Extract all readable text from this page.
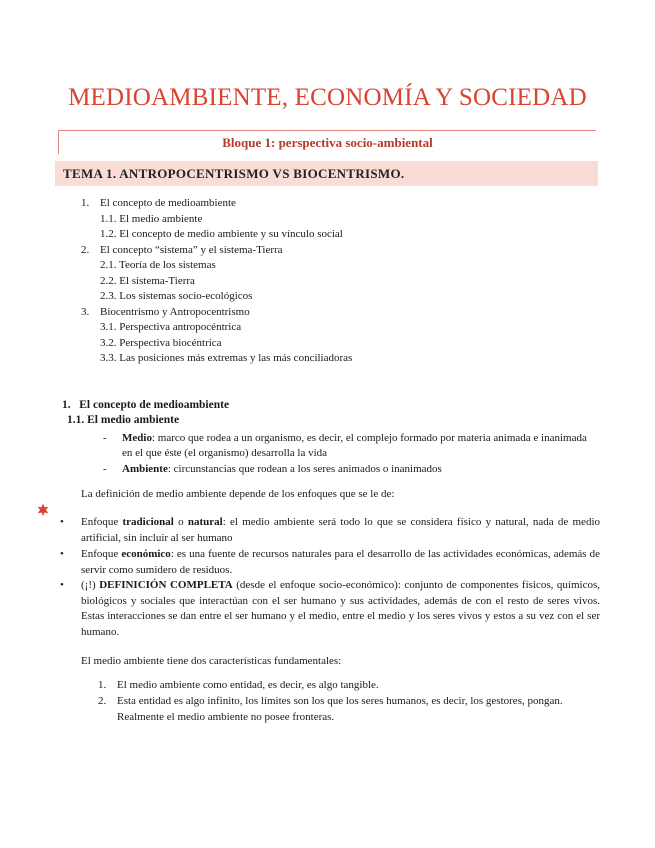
MEDIOAMBIENTE, ECONOMÍA Y SOCIEDAD
Bloque 1: perspectiva socio-ambiental
TEMA 1. ANTROPOCENTRISMO VS BIOCENTRISMO.
1. El concepto de medioambiente
1.1. El medio ambiente
1.2. El concepto de medio ambiente y su vínculo social
2. El concepto “sistema” y el sistema-Tierra
2.1. Teoría de los sistemas
2.2. El sistema-Tierra
2.3. Los sistemas socio-ecológicos
3. Biocentrismo y Antropocentrismo
3.1. Perspectiva antropocéntrica
3.2. Perspectiva biocéntrica
3.3. Las posiciones más extremas y las más conciliadoras
1.   El concepto de medioambiente
1.1. El medio ambiente
- Medio: marco que rodea a un organismo, es decir, el complejo formado por materia animada e inanimada en el que éste (el organismo) desarrolla la vida
- Ambiente: circunstancias que rodean a los seres animados o inanimados
La definición de medio ambiente depende de los enfoques que se le de:
• Enfoque tradicional o natural: el medio ambiente será todo lo que se considera físico y natural, nada de medio artificial, sin incluir al ser humano
• Enfoque económico: es una fuente de recursos naturales para el desarrollo de las actividades económicas, además de servir como sumidero de residuos.
• (¡!) DEFINICIÓN COMPLETA (desde el enfoque socio-económico): conjunto de componentes físicos, químicos, biológicos y sociales que interactúan con el ser humano y sus actividades, además de con el resto de seres vivos. Estas interacciones se dan entre el ser humano y el medio, entre el medio y los seres vivos y estos a su vez con el ser humano.
El medio ambiente tiene dos características fundamentales:
1. El medio ambiente como entidad, es decir, es algo tangible.
2. Esta entidad es algo infinito, los límites son los que los seres humanos, es decir, los gestores, pongan. Realmente el medio ambiente no posee fronteras.
